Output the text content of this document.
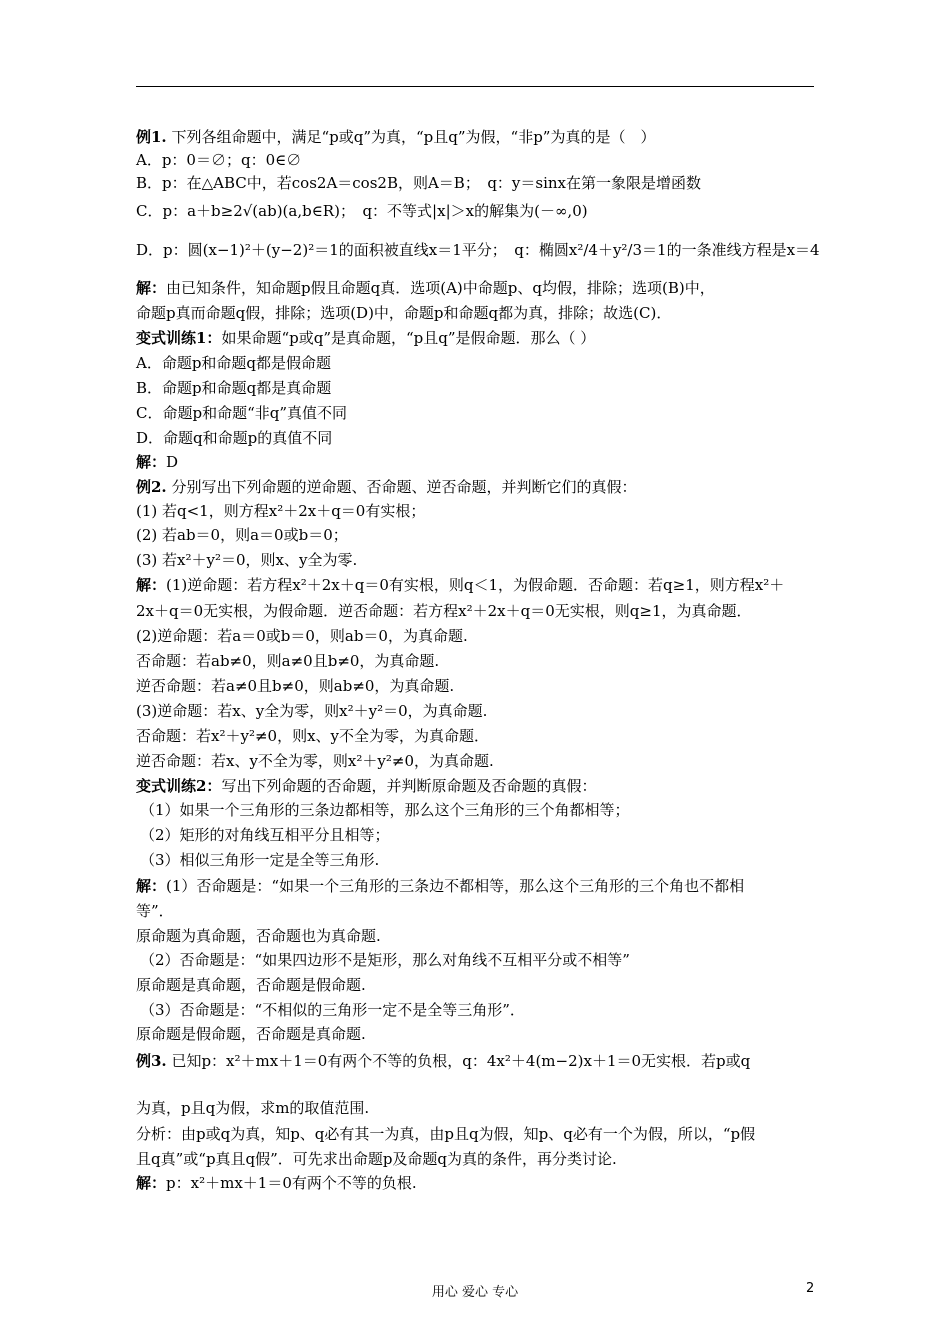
例1. 下列各组命题中，满足“p或q”为真，“p且q”为假，“非p”为真的是（　）
A．p：0＝∅；q：0∈∅
B．p：在△ABC中，若cos2A＝cos2B，则A＝B；　q：y＝sinx在第一象限是增函数
C．p：a＋b≥2√(ab)(a,b∈R)；　q：不等式|x|＞x的解集为(－∞,0)
D．p：圆(x−1)²＋(y−2)²＝1的面积被直线x＝1平分；　q：椭圆x²/4＋y²/3＝1的一条准线方程是x＝4
解：由已知条件，知命题p假且命题q真．选项(A)中命题p、q均假，排除；选项(B)中，
命题p真而命题q假，排除；选项(D)中，命题p和命题q都为真，排除；故选(C)．
变式训练1：如果命题“p或q”是真命题，“p且q”是假命题．那么（ ）
A．命题p和命题q都是假命题
B．命题p和命题q都是真命题
C．命题p和命题“非q”真值不同
D．命题q和命题p的真值不同
解：D
例2. 分别写出下列命题的逆命题、否命题、逆否命题，并判断它们的真假：
(1) 若q<1，则方程x²＋2x＋q＝0有实根；
(2) 若ab＝0，则a＝0或b＝0；
(3) 若x²＋y²＝0，则x、y全为零.
解：(1)逆命题：若方程x²＋2x＋q＝0有实根，则q＜1，为假命题．否命题：若q≥1，则方程x²＋
2x＋q＝0无实根，为假命题．逆否命题：若方程x²＋2x＋q＝0无实根，则q≥1，为真命题．
(2)逆命题：若a＝0或b＝0，则ab＝0，为真命题.
否命题：若ab≠0，则a≠0且b≠0，为真命题.
逆否命题：若a≠0且b≠0，则ab≠0，为真命题.
(3)逆命题：若x、y全为零，则x²＋y²＝0，为真命题.
否命题：若x²＋y²≠0，则x、y不全为零，为真命题．
逆否命题：若x、y不全为零，则x²＋y²≠0，为真命题.
变式训练2：写出下列命题的否命题，并判断原命题及否命题的真假：
（1）如果一个三角形的三条边都相等，那么这个三角形的三个角都相等；
（2）矩形的对角线互相平分且相等；
（3）相似三角形一定是全等三角形.
解：(1）否命题是：“如果一个三角形的三条边不都相等，那么这个三角形的三个角也不都相
等”．
原命题为真命题，否命题也为真命题.
（2）否命题是：“如果四边形不是矩形，那么对角线不互相平分或不相等”
原命题是真命题，否命题是假命题.
（3）否命题是：“不相似的三角形一定不是全等三角形”．
原命题是假命题，否命题是真命题.
例3. 已知p：x²＋mx＋1＝0有两个不等的负根，q：4x²＋4(m−2)x＋1＝0无实根．若p或q
为真，p且q为假，求m的取值范围.
分析：由p或q为真，知p、q必有其一为真，由p且q为假，知p、q必有一个为假，所以，“p假
且q真”或“p真且q假”．可先求出命题p及命题q为真的条件，再分类讨论.
解：p：x²＋mx＋1＝0有两个不等的负根.
用心 爱心 专心	2
